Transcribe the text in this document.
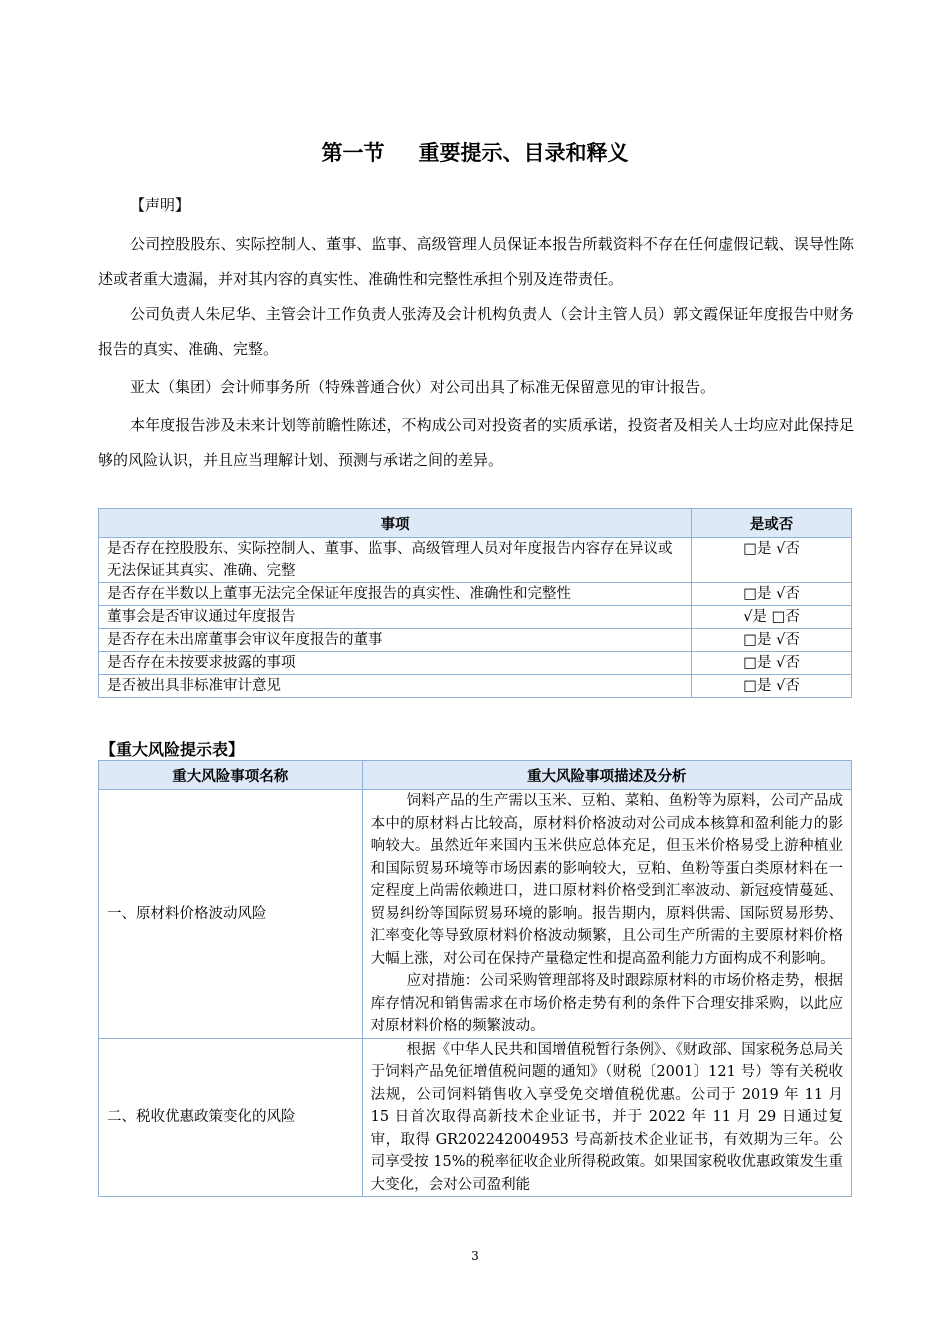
第一节 重要提示、目录和释义
【声明】

公司控股股东、实际控制人、董事、监事、高级管理人员保证本报告所载资料不存在任何虚假记载、误导性陈述或者重大遗漏，并对其内容的真实性、准确性和完整性承担个别及连带责任。

公司负责人朱尼华、主管会计工作负责人张涛及会计机构负责人（会计主管人员）郭文霞保证年度报告中财务报告的真实、准确、完整。

亚太（集团）会计师事务所（特殊普通合伙）对公司出具了标准无保留意见的审计报告。

本年度报告涉及未来计划等前瞻性陈述，不构成公司对投资者的实质承诺，投资者及相关人士均应对此保持足够的风险认识，并且应当理解计划、预测与承诺之间的差异。

事项	是或否
是否存在控股股东、实际控制人、董事、监事、高级管理人员对年度报告内容存在异议或无法保证其真实、准确、完整	□是 √否
是否存在半数以上董事无法完全保证年度报告的真实性、准确性和完整性	□是 √否
董事会是否审议通过年度报告	√是 □否
是否存在未出席董事会审议年度报告的董事	□是 √否
是否存在未按要求披露的事项	□是 √否
是否被出具非标准审计意见	□是 √否
【重大风险提示表】
重大风险事项名称	重大风险事项描述及分析
一、原材料价格波动风险	饲料产品的生产需以玉米、豆粕、菜粕、鱼粉等为原料，公司产品成本中的原材料占比较高，原材料价格波动对公司成本核算和盈利能力的影响较大。虽然近年来国内玉米供应总体充足，但玉米价格易受上游种植业和国际贸易环境等市场因素的影响较大，豆粕、鱼粉等蛋白类原材料在一定程度上尚需依赖进口，进口原材料价格受到汇率波动、新冠疫情蔓延、贸易纠纷等国际贸易环境的影响。报告期内，原料供需、国际贸易形势、汇率变化等导致原材料价格波动频繁，且公司生产所需的主要原材料价格大幅上涨，对公司在保持产量稳定性和提高盈利能力方面构成不利影响。

应对措施：公司采购管理部将及时跟踪原材料的市场价格走势，根据库存情况和销售需求在市场价格走势有利的条件下合理安排采购，以此应对原材料价格的频繁波动。

二、税收优惠政策变化的风险	根据《中华人民共和国增值税暂行条例》、《财政部、国家税务总局关于饲料产品免征增值税问题的通知》（财税〔2001〕121 号）等有关税收法规，公司饲料销售收入享受免交增值税优惠。公司于 2019 年 11 月 15 日首次取得高新技术企业证书，并于 2022 年 11 月 29 日通过复审，取得 GR202242004953 号高新技术企业证书，有效期为三年。公司享受按 15%的税率征收企业所得税政策。如果国家税收优惠政策发生重大变化，会对公司盈利能

3
